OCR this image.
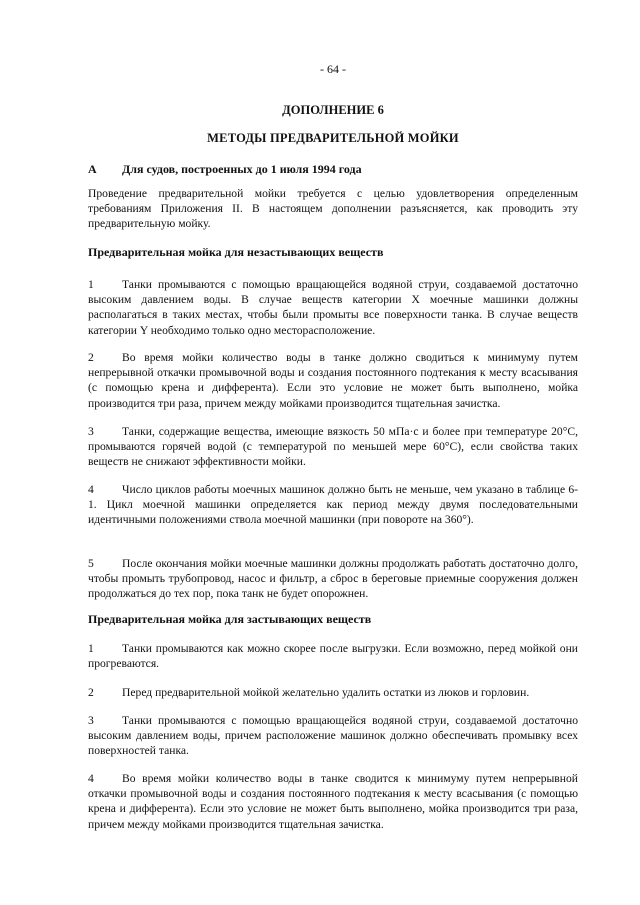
- 64 -
ДОПОЛНЕНИЕ 6
МЕТОДЫ ПРЕДВАРИТЕЛЬНОЙ МОЙКИ
А Для судов, построенных до 1 июля 1994 года
Проведение предварительной мойки требуется с целью удовлетворения определенным требованиям Приложения II. В настоящем дополнении разъясняется, как проводить эту предварительную мойку.
Предварительная мойка для незастывающих веществ
1 Танки промываются с помощью вращающейся водяной струи, создаваемой достаточно высоким давлением воды. В случае веществ категории X моечные машинки должны располагаться в таких местах, чтобы были промыты все поверхности танка. В случае веществ категории Y необходимо только одно месторасположение.
2 Во время мойки количество воды в танке должно сводиться к минимуму путем непрерывной откачки промывочной воды и создания постоянного подтекания к месту всасывания (с помощью крена и дифферента). Если это условие не может быть выполнено, мойка производится три раза, причем между мойками производится тщательная зачистка.
3 Танки, содержащие вещества, имеющие вязкость 50 мПа·с и более при температуре 20°С, промываются горячей водой (с температурой по меньшей мере 60°С), если свойства таких веществ не снижают эффективности мойки.
4 Число циклов работы моечных машинок должно быть не меньше, чем указано в таблице 6-1. Цикл моечной машинки определяется как период между двумя последовательными идентичными положениями ствола моечной машинки (при повороте на 360°).
5 После окончания мойки моечные машинки должны продолжать работать достаточно долго, чтобы промыть трубопровод, насос и фильтр, а сброс в береговые приемные сооружения должен продолжаться до тех пор, пока танк не будет опорожнен.
Предварительная мойка для застывающих веществ
1 Танки промываются как можно скорее после выгрузки. Если возможно, перед мойкой они прогреваются.
2 Перед предварительной мойкой желательно удалить остатки из люков и горловин.
3 Танки промываются с помощью вращающейся водяной струи, создаваемой достаточно высоким давлением воды, причем расположение машинок должно обеспечивать промывку всех поверхностей танка.
4 Во время мойки количество воды в танке сводится к минимуму путем непрерывной откачки промывочной воды и создания постоянного подтекания к месту всасывания (с помощью крена и дифферента). Если это условие не может быть выполнено, мойка производится три раза, причем между мойками производится тщательная зачистка.
